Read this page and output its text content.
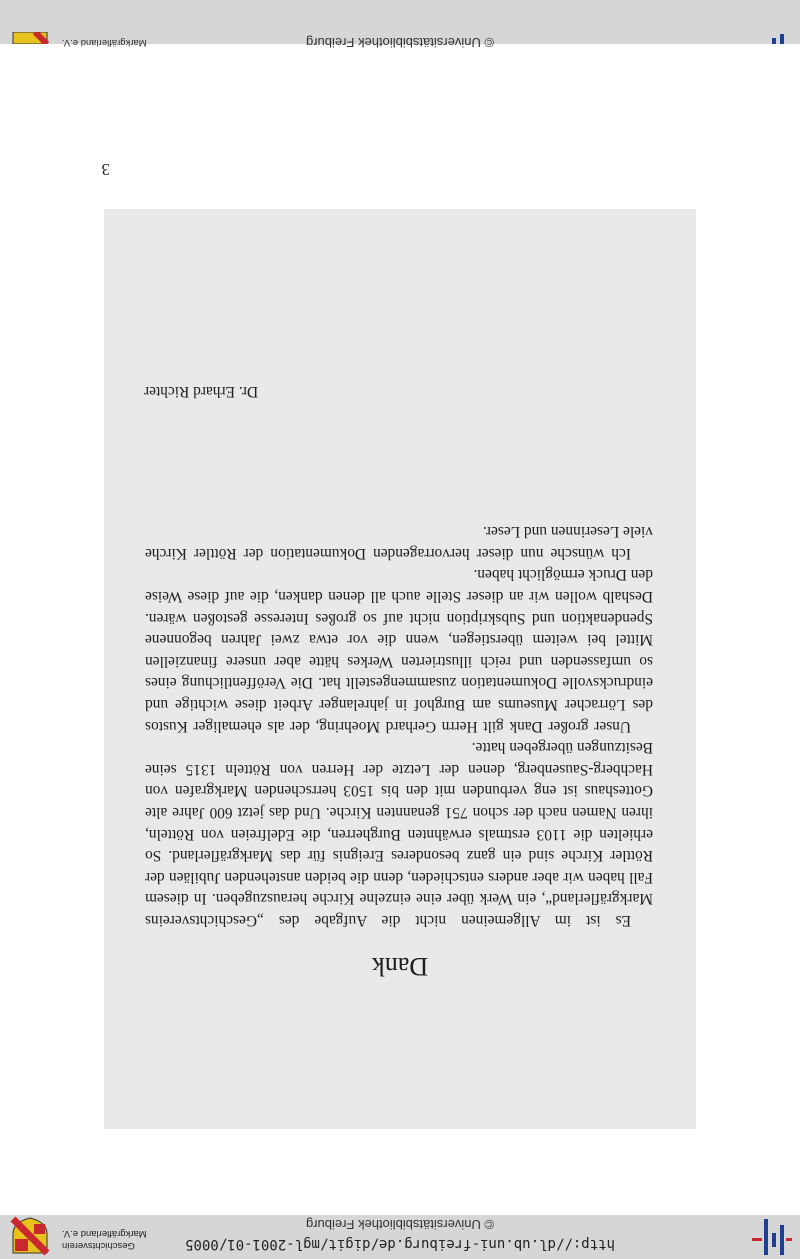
http://dl.ub.uni-freiburg.de/digit/mgl-2001-01/0005
© Universitätsbibliothek Freiburg
Geschichtsverein
Markgräflerland e.V.
3
Dank

Es ist im Allgemeinen nicht die Aufgabe des „Geschichtsvereins Markgräflerland“, ein Werk über eine einzelne Kirche herauszugeben. In diesem Fall haben wir aber anders entschieden, denn die beiden anstehenden Jubiläen der Röttler Kirche sind ein ganz besonderes Ereignis für das Markgräflerland. So erhielten die 1103 erstmals erwähnten Burgherren, die Edelfreien von Rötteln, ihren Namen nach der schon 751 genannten Kirche. Und das jetzt 600 Jahre alte Gotteshaus ist eng verbunden mit den bis 1503 herrschenden Markgrafen von Hachberg-Sausenberg, denen der Letzte der Herren von Rötteln 1315 seine Besitzungen übergeben hatte.

Unser großer Dank gilt Herrn Gerhard Moehring, der als ehemaliger Kustos des Lörracher Museums am Burghof in jahrelanger Arbeit diese wichtige und eindrucksvolle Dokumentation zusammengestellt hat. Die Veröffentlichung eines so umfassenden und reich illustrierten Werkes hätte aber unsere finanziellen Mittel bei weitem überstiegen, wenn die vor etwa zwei Jahren begonnene Spendenaktion und Subskription nicht auf so großes Interesse gestoßen wären. Deshalb wollen wir an dieser Stelle auch all denen danken, die auf diese Weise den Druck ermöglicht haben.

Ich wünsche nun dieser hervorragenden Dokumentation der Röttler Kirche viele Leserinnen und Leser.

Dr. Erhard Richter
© Universitätsbibliothek Freiburg
Markgräflerland e.V.
